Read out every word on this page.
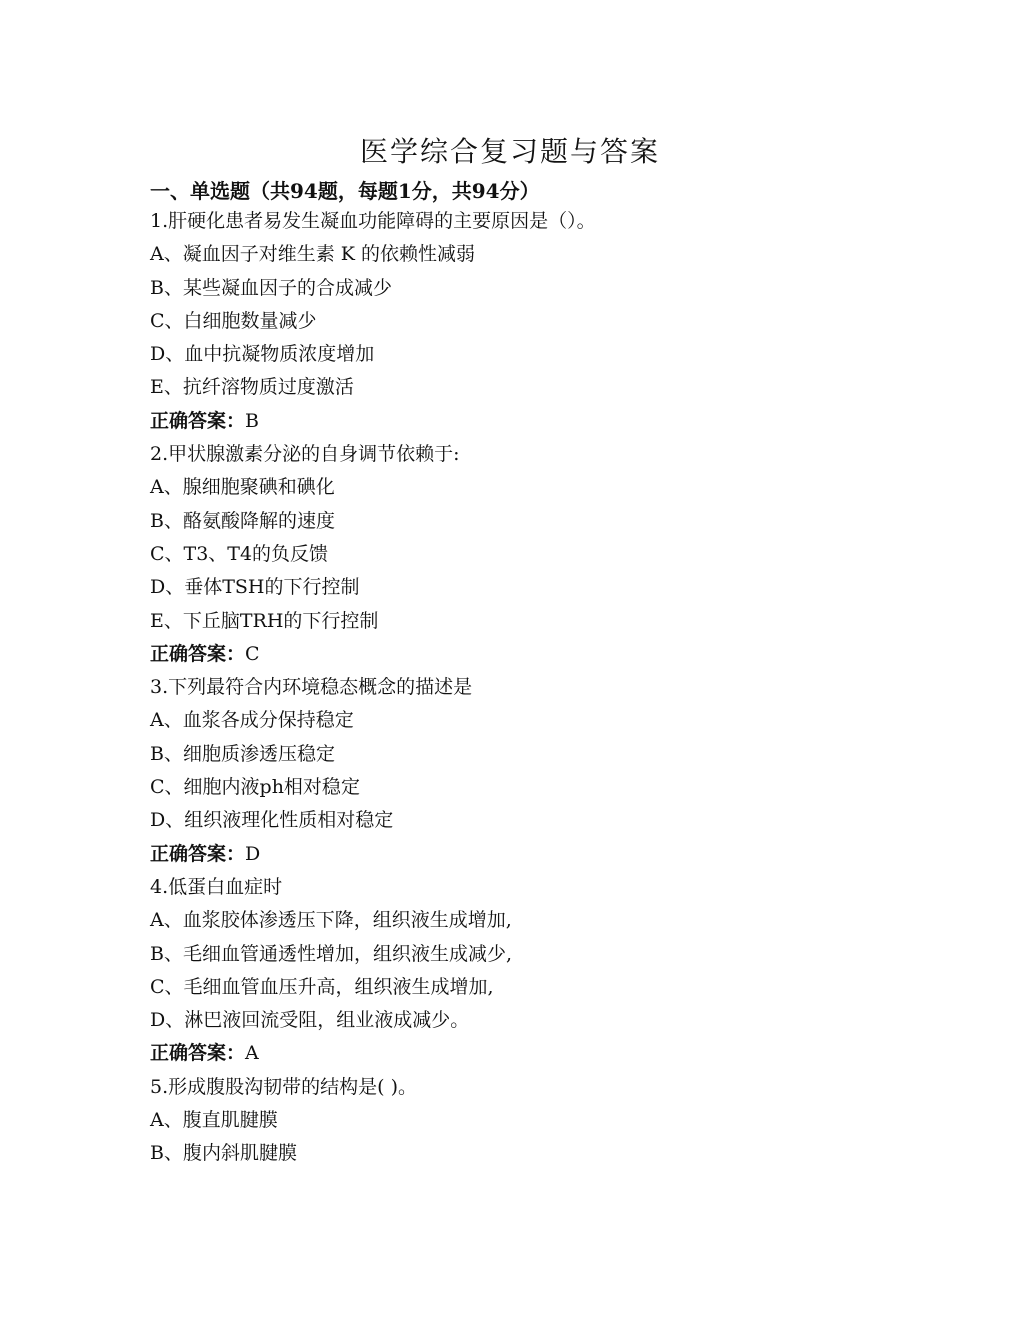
医学综合复习题与答案
一、单选题（共94题，每题1分，共94分）
1.肝硬化患者易发生凝血功能障碍的主要原因是（）。
A、凝血因子对维生素 K 的依赖性减弱
B、某些凝血因子的合成减少
C、白细胞数量减少
D、血中抗凝物质浓度增加
E、抗纤溶物质过度激活
正确答案：B
2.甲状腺激素分泌的自身调节依赖于:
A、腺细胞聚碘和碘化
B、酪氨酸降解的速度
C、T3、T4的负反馈
D、垂体TSH的下行控制
E、下丘脑TRH的下行控制
正确答案：C
3.下列最符合内环境稳态概念的描述是
A、血浆各成分保持稳定
B、细胞质渗透压稳定
C、细胞内液ph相对稳定
D、组织液理化性质相对稳定
正确答案：D
4.低蛋白血症时
A、血浆胶体渗透压下降，组织液生成增加,
B、毛细血管通透性增加，组织液生成减少,
C、毛细血管血压升高，组织液生成增加,
D、淋巴液回流受阻，组业液成减少。
正确答案：A
5.形成腹股沟韧带的结构是( )。
A、腹直肌腱膜
B、腹内斜肌腱膜
